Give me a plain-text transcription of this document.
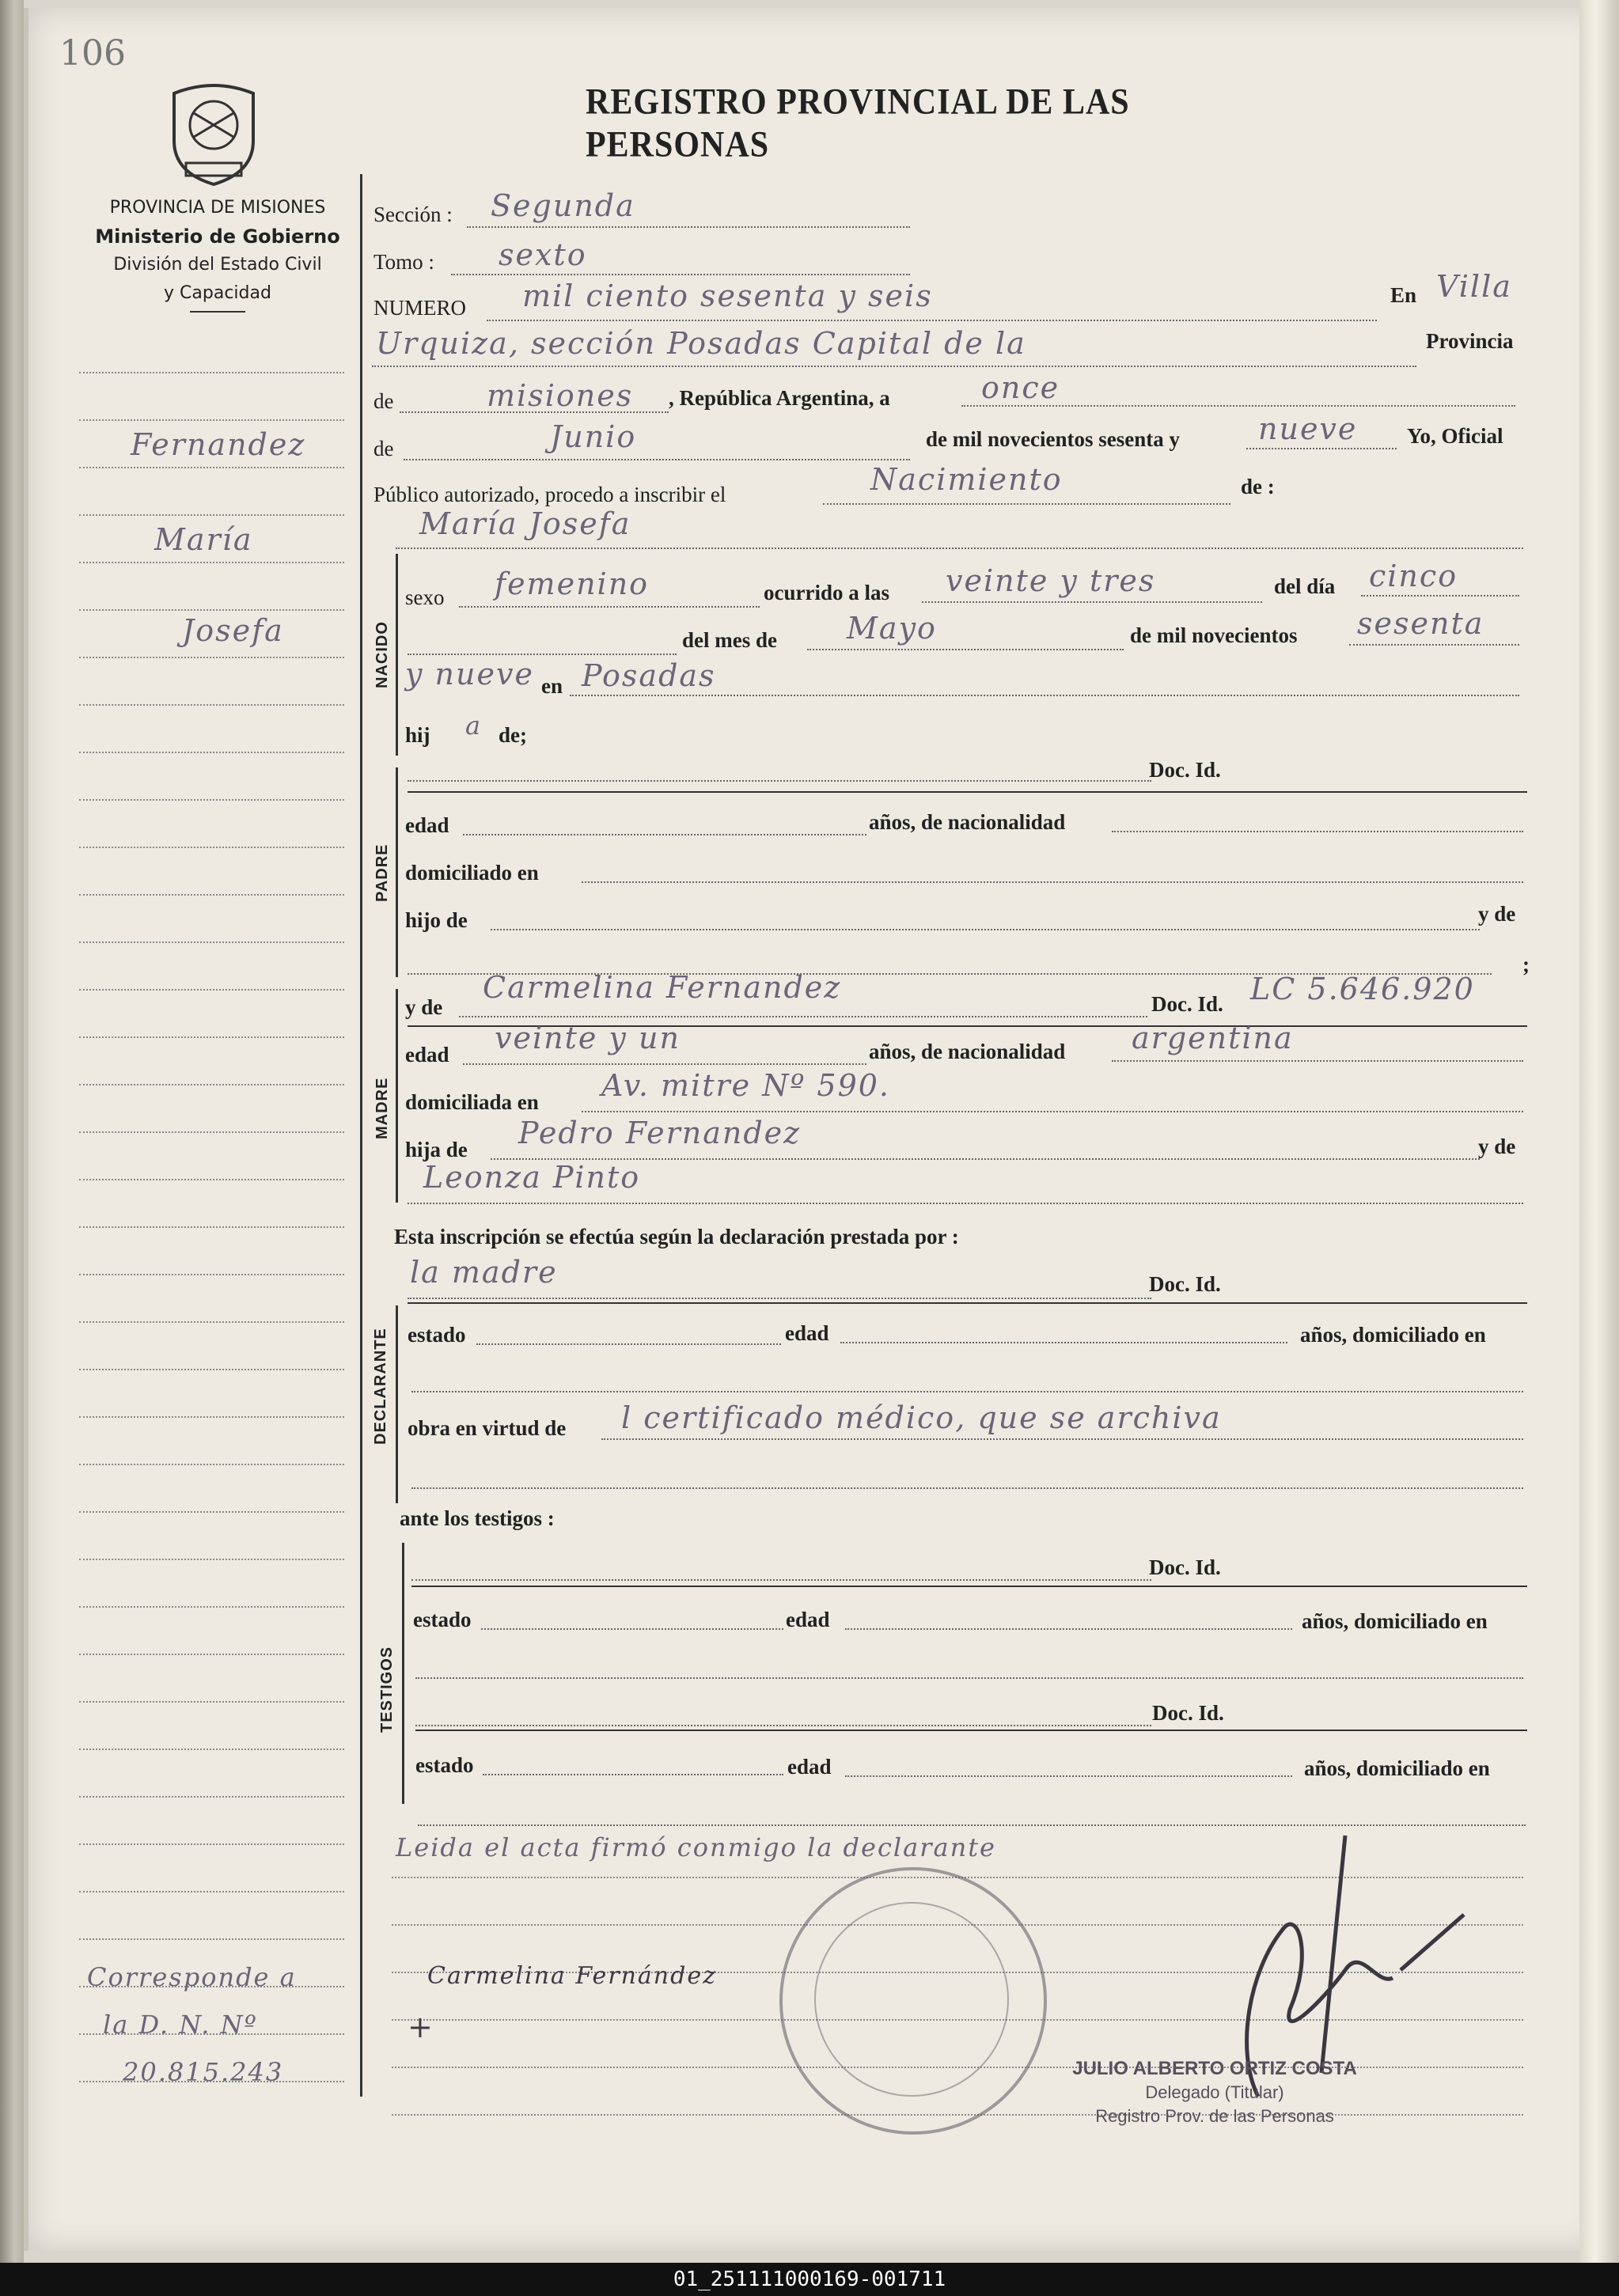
106
REGISTRO PROVINCIAL DE LAS PERSONAS
PROVINCIA DE MISIONES
Ministerio de Gobierno
División del Estado Civil
y Capacidad
Fernandez
María
Josefa
Corresponde a
la D. N. Nº
20.815.243
Sección : Segunda
Tomo : sexto
NUMERO mil ciento sesenta y seis	En Villa
Urquiza, sección Posadas Capital de la	Provincia
de	misiones , República Argentina, a	once
de	Junio	de mil novecientos sesenta y	nueve Yo, Oficial
Público autorizado, procedo a inscribir el	Nacimiento	de :
María Josefa
NACIDO
sexo femenino	ocurrido a las veinte y tres	del día cinco
del mes de Mayo	de mil novecientos sesenta
y nueve en Posadas
hij a de;
Doc. Id.
PADRE
edad	años, de nacionalidad
domiciliado en
hijo de	y de
;
MADRE
y de
Carmelina Fernandez	Doc. Id. LC 5.646.920
edad veinte y un	años, de nacionalidad argentina
domiciliada en Av. mitre Nº 590.
hija de Pedro Fernandez	y de
Leonza Pinto
Esta inscripción se efectúa según la declaración prestada por :
la madre	Doc. Id.
DECLARANTE estado	edad	años, domiciliado en
obra en virtud de l certificado médico, que se archiva
ante los testigos :
Doc. Id.
TESTIGOS
estado	edad	años, domiciliado en
Doc. Id.
estado	edad	años, domiciliado en
Leida el acta firmó conmigo la declarante
Carmelina Fernández
+
JULIO ALBERTO ORTIZ COSTA
Delegado (Titular)
Registro Prov. de las Personas
01_251111000169-001711
